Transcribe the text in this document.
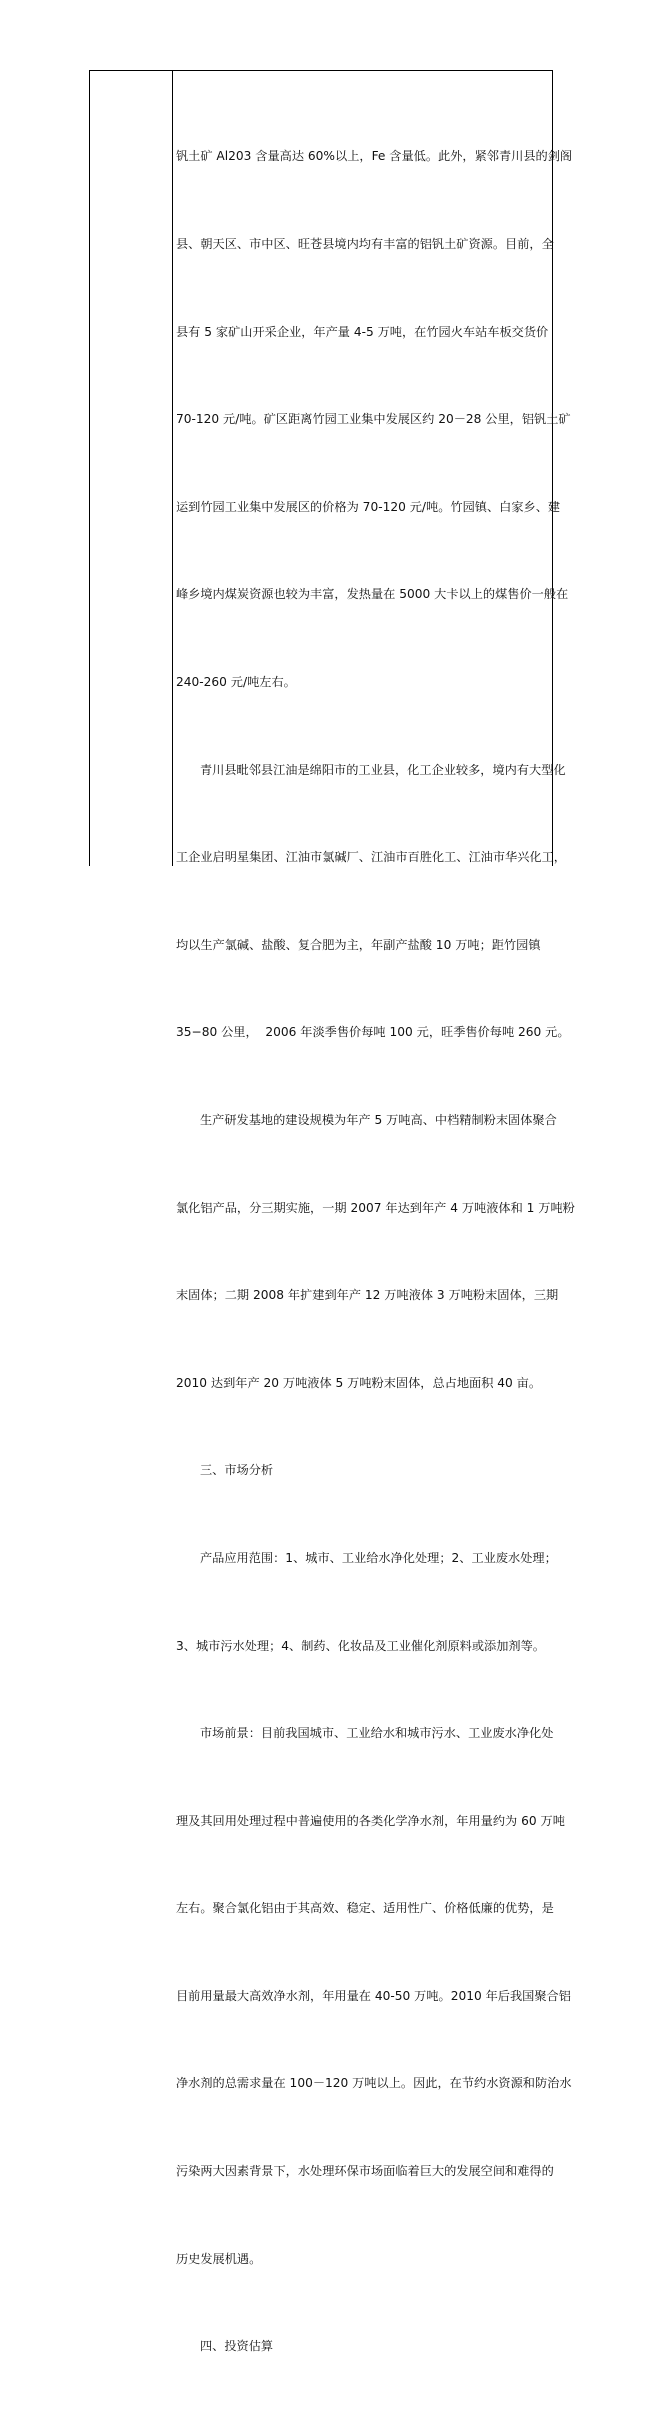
钒土矿 Al203 含量高达 60%以上，Fe 含量低。此外，紧邻青川县的剑阁

县、朝天区、市中区、旺苍县境内均有丰富的铝钒土矿资源。目前，全

县有 5 家矿山开采企业，年产量 4-5 万吨，在竹园火车站车板交货价

70-120 元/吨。矿区距离竹园工业集中发展区约 20－28 公里，铝钒土矿

运到竹园工业集中发展区的价格为 70-120 元/吨。竹园镇、白家乡、建

峰乡境内煤炭资源也较为丰富，发热量在 5000 大卡以上的煤售价一般在

240-260 元/吨左右。

青川县毗邻县江油是绵阳市的工业县，化工企业较多，境内有大型化

工企业启明星集团、江油市氯碱厂、江油市百胜化工、江油市华兴化工，

均以生产氯碱、盐酸、复合肥为主，年副产盐酸 10 万吨；距竹园镇

35−80 公里，  2006 年淡季售价每吨 100 元，旺季售价每吨 260 元。

生产研发基地的建设规模为年产 5 万吨高、中档精制粉末固体聚合

氯化铝产品，分三期实施，一期 2007 年达到年产 4 万吨液体和 1 万吨粉

末固体；二期 2008 年扩建到年产 12 万吨液体 3 万吨粉末固体，三期

2010 达到年产 20 万吨液体 5 万吨粉末固体，总占地面积 40 亩。

三、市场分析

产品应用范围：1、城市、工业给水净化处理；2、工业废水处理；

3、城市污水处理；4、制药、化妆品及工业催化剂原料或添加剂等。

市场前景：目前我国城市、工业给水和城市污水、工业废水净化处

理及其回用处理过程中普遍使用的各类化学净水剂，年用量约为 60 万吨

左右。聚合氯化铝由于其高效、稳定、适用性广、价格低廉的优势，是

目前用量最大高效净水剂，年用量在 40-50 万吨。2010 年后我国聚合铝

净水剂的总需求量在 100－120 万吨以上。因此，在节约水资源和防治水

污染两大因素背景下，水处理环保市场面临着巨大的发展空间和难得的

历史发展机遇。

四、投资估算
